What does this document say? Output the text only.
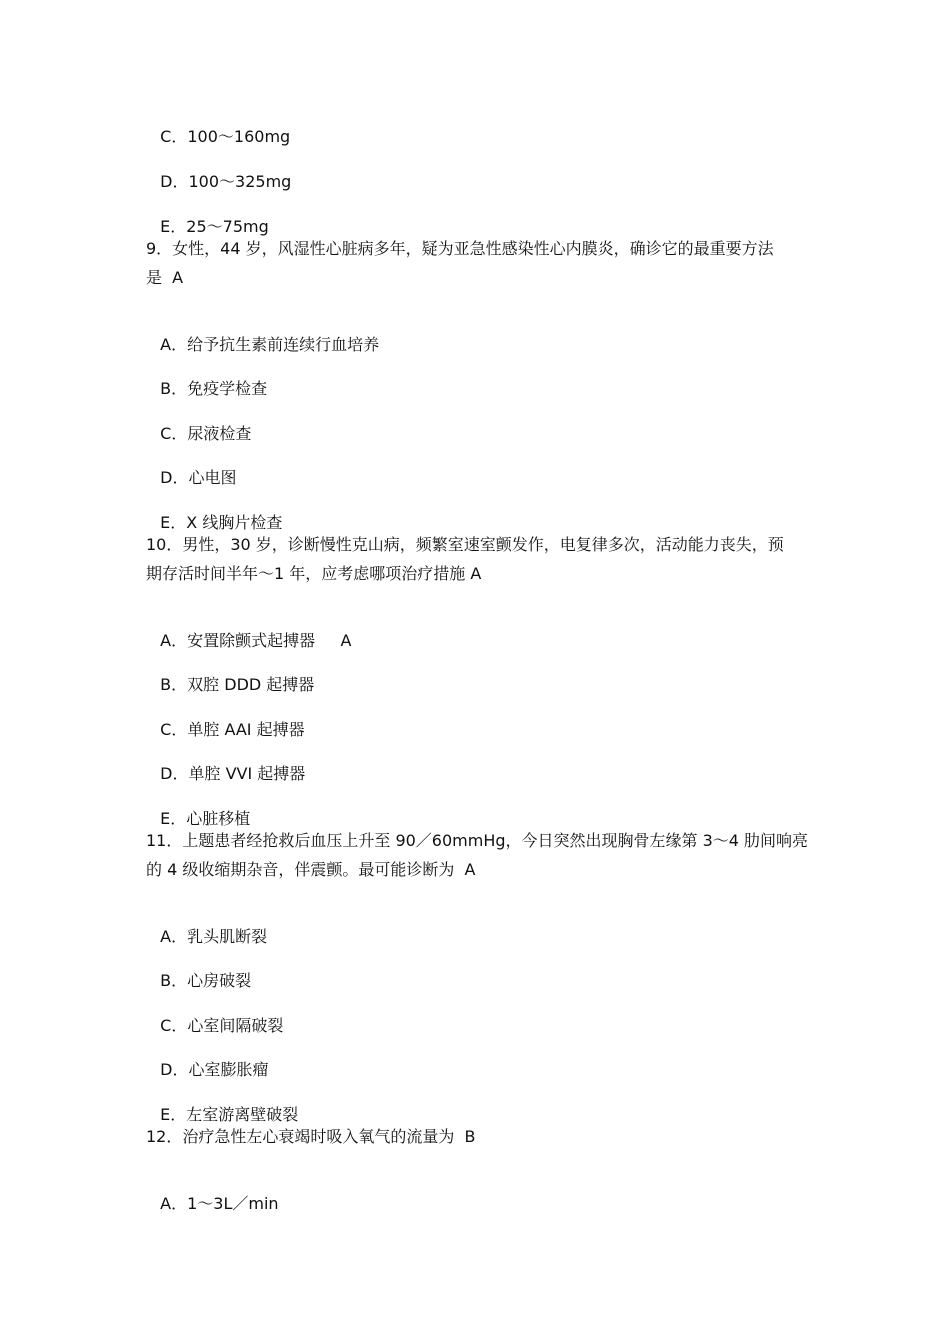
C．100～160mg

D．100～325mg

E．25～75mg

9．女性，44 岁，风湿性心脏病多年，疑为亚急性感染性心内膜炎，确诊它的最重要方法
是  A

A．给予抗生素前连续行血培养

B．免疫学检查

C．尿液检查

D．心电图

E．X 线胸片检查

10．男性，30 岁，诊断慢性克山病，频繁室速室颤发作，电复律多次，活动能力丧失，预
期存活时间半年～1 年，应考虑哪项治疗措施 A

A．安置除颤式起搏器     A

B．双腔 DDD 起搏器

C．单腔 AAI 起搏器

D．单腔 VVI 起搏器

E．心脏移植

11．上题患者经抢救后血压上升至 90／60mmHg，今日突然出现胸骨左缘第 3～4 肋间响亮
的 4 级收缩期杂音，伴震颤。最可能诊断为  A

A．乳头肌断裂

B．心房破裂

C．心室间隔破裂

D．心室膨胀瘤

E．左室游离壁破裂

12．治疗急性左心衰竭时吸入氧气的流量为  B

A．1～3L／min
